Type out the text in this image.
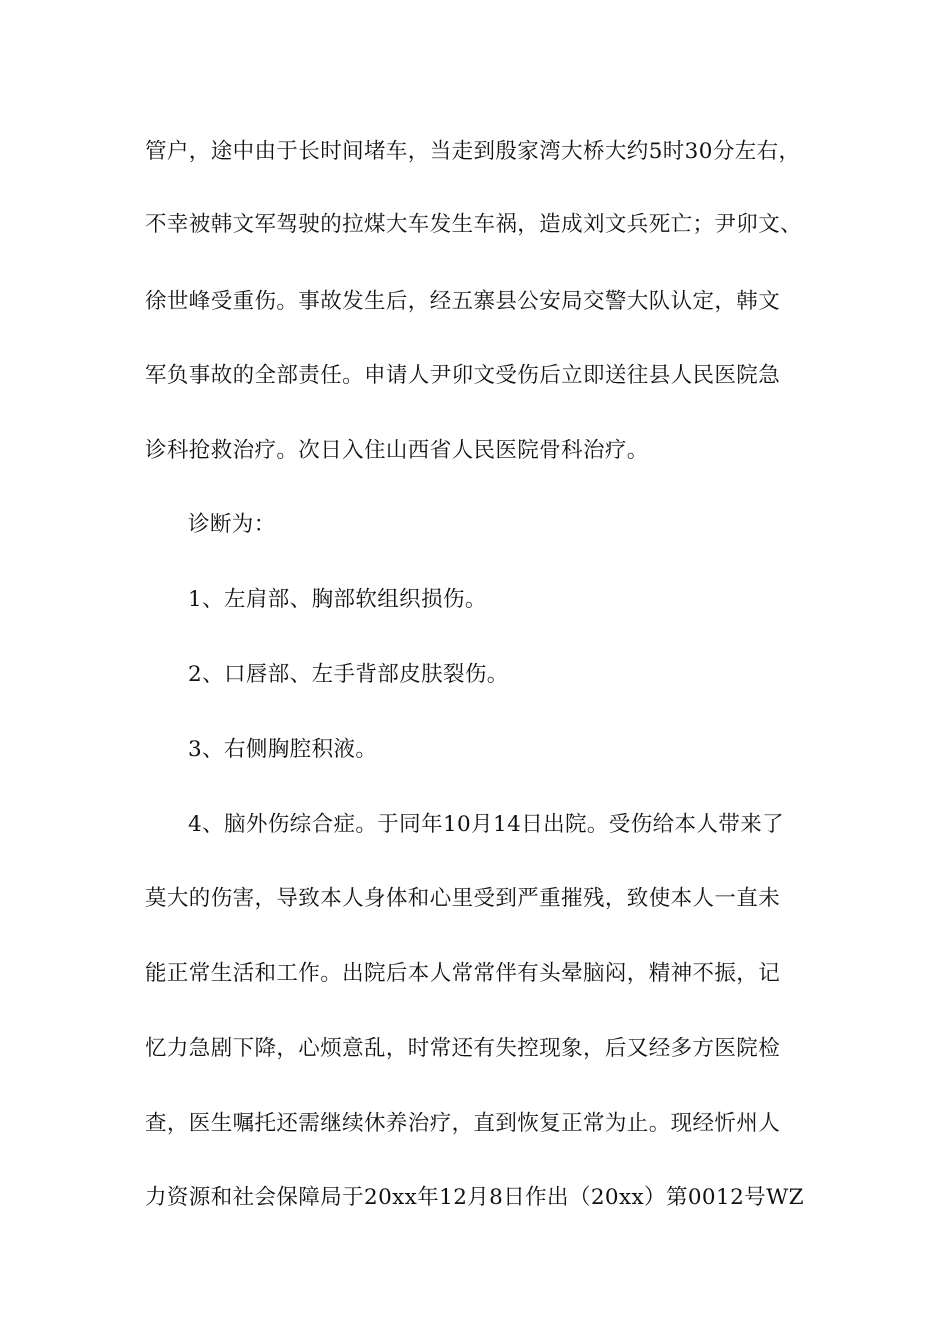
管户，途中由于长时间堵车，当走到殷家湾大桥大约5时30分左右，
不幸被韩文军驾驶的拉煤大车发生车祸，造成刘文兵死亡；尹卯文、
徐世峰受重伤。事故发生后，经五寨县公安局交警大队认定，韩文
军负事故的全部责任。申请人尹卯文受伤后立即送往县人民医院急
诊科抢救治疗。次日入住山西省人民医院骨科治疗。
诊断为：
1、左肩部、胸部软组织损伤。
2、口唇部、左手背部皮肤裂伤。
3、右侧胸腔积液。
4、脑外伤综合症。于同年10月14日出院。受伤给本人带来了
莫大的伤害，导致本人身体和心里受到严重摧残，致使本人一直未
能正常生活和工作。出院后本人常常伴有头晕脑闷，精神不振，记
忆力急剧下降，心烦意乱，时常还有失控现象，后又经多方医院检
查，医生嘱托还需继续休养治疗，直到恢复正常为止。现经忻州人
力资源和社会保障局于20xx年12月8日作出（20xx）第0012号WZ
